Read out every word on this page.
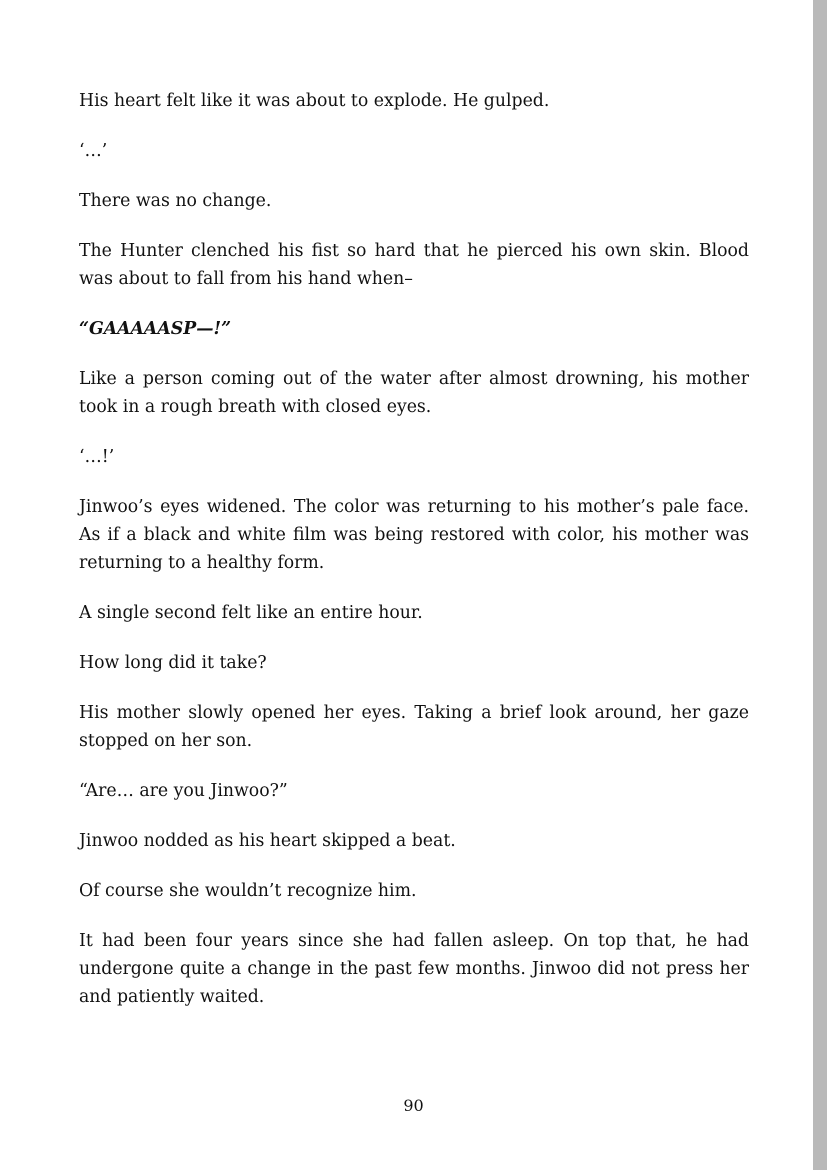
His heart felt like it was about to explode. He gulped.

‘…’

There was no change.

The Hunter clenched his fist so hard that he pierced his own skin. Blood was about to fall from his hand when–

“GAAAAASP—!”

Like a person coming out of the water after almost drowning, his mother took in a rough breath with closed eyes.

‘…!’

Jinwoo’s eyes widened. The color was returning to his mother’s pale face. As if a black and white film was being restored with color, his mother was returning to a healthy form.

A single second felt like an entire hour.

How long did it take?

His mother slowly opened her eyes. Taking a brief look around, her gaze stopped on her son.

“Are… are you Jinwoo?”

Jinwoo nodded as his heart skipped a beat.

Of course she wouldn’t recognize him.

It had been four years since she had fallen asleep. On top that, he had undergone quite a change in the past few months. Jinwoo did not press her and patiently waited.

90
